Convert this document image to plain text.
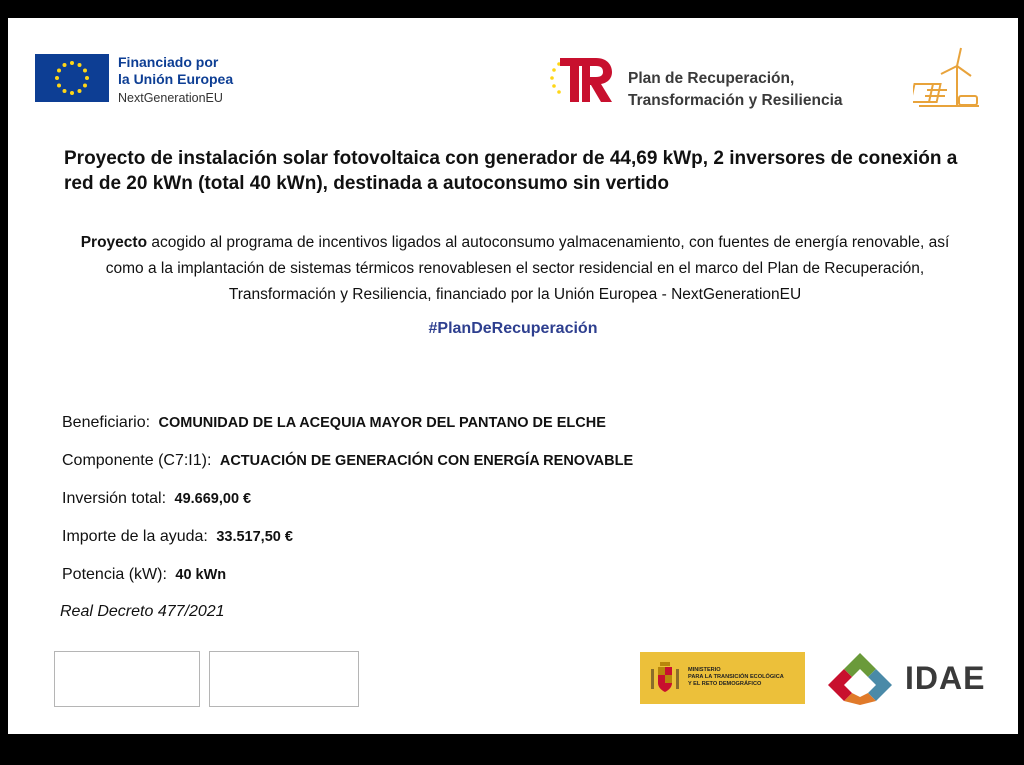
Financiado por
la Unión Europea
NextGenerationEU
Plan de Recuperación,
Transformación y Resiliencia
Proyecto de instalación solar fotovoltaica con generador de 44,69 kWp, 2 inversores de conexión a red de 20 kWn (total 40 kWn), destinada a autoconsumo sin vertido
Proyecto acogido al programa de incentivos ligados al autoconsumo yalmacenamiento, con fuentes de energía renovable, así como a la implantación de sistemas térmicos renovablesen el sector residencial en el marco del Plan de Recuperación, Transformación y Resiliencia, financiado por la Unión Europea - NextGenerationEU
#PlanDeRecuperación
Beneficiario: COMUNIDAD DE LA ACEQUIA MAYOR DEL PANTANO DE ELCHE
Componente (C7:I1): ACTUACIÓN DE GENERACIÓN CON ENERGÍA RENOVABLE
Inversión total: 49.669,00 €
Importe de la ayuda: 33.517,50 €
Potencia (kW): 40 kWn
Real Decreto 477/2021
MINISTERIO
PARA LA TRANSICIÓN ECOLÓGICA
Y EL RETO DEMOGRÁFICO	IDAE
